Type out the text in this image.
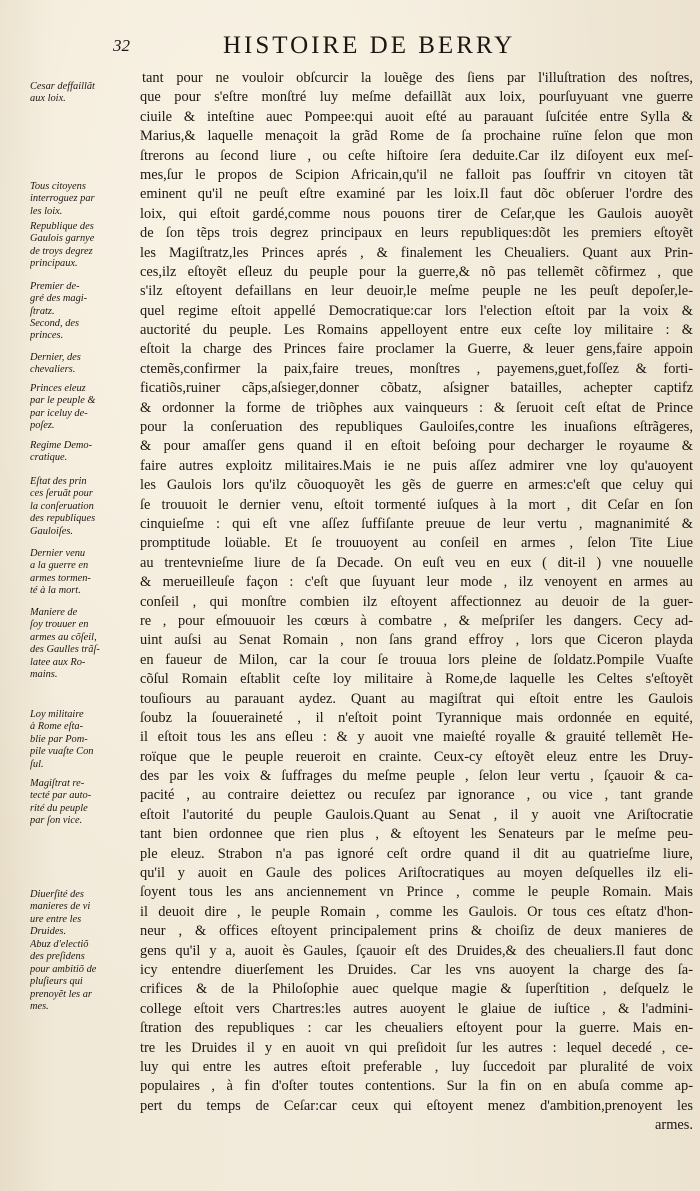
32	HISTOIRE DE BERRY
Cesar deffaillãt
aux loix.
Tous citoyens
interroguez par
les loix.
Republique des
Gaulois garnye
de troys degrez
principaux.
Premier de-
gré des magi-
ſtratz.
Second, des
princes.
Dernier, des
chevaliers.
Princes eleuz
par le peuple &
par iceluy de-
poſez.
Regime Demo-
cratique.
Eſtat des prin
ces ſeruãt pour
la conſeruation
des republiques
Gauloiſes.
Dernier venu
a la guerre en
armes tormen-
té à la mort.
Maniere de
ſoy trouuer en
armes au cõſeil,
des Gaulles trãſ-
latee aux Ro-
mains.
Loy militaire
à Rome eſta-
blie par Pom-
pile vuaſte Con
ſul.
Magiſtrat re-
tecté par auto-
rité du peuple
par ſon vice.
Diuerſité des
manieres de vi
ure entre les
Druides.
Abuz d'electiõ
des preſidens
pour ambitiõ de
pluſieurs qui
prenoyẽt les ar
mes.
tant pour ne vouloir obſcurcir la louẽge des ſiens par l'illuſtration des noſtres,
que pour s'eſtre monſtré luy meſme defaillãt aux loix, pourſuyuant vne guerre
ciuile & inteſtine auec Pompee:qui auoit eſté au parauant ſuſcitée entre Sylla &
Marius,& laquelle menaçoit la grãd Rome de ſa prochaine ruïne ſelon que mon
ſtrerons au ſecond liure , ou ceſte hiſtoire ſera deduite.Car ilz diſoyent eux meſ-
mes,ſur le propos de Scipion Africain,qu'il ne falloit pas ſouffrir vn citoyen tãt
eminent qu'il ne peuſt eſtre examiné par les loix.Il faut dõc obſeruer l'ordre des
loix, qui eſtoit gardé,comme nous pouons tirer de Ceſar,que les Gaulois auoyẽt
de ſon tẽps trois degrez principaux en leurs republiques:dõt les premiers eſtoyẽt
les Magiſtratz,les Princes aprés , & finalement les Cheualiers. Quant aux Prin-
ces,ilz eſtoyẽt eſleuz du peuple pour la guerre,& nõ pas tellemẽt cõfirmez , que
s'ilz eſtoyent defaillans en leur deuoir,le meſme peuple ne les peuſt depoſer,le-
quel regime eſtoit appellé Democratique:car lors l'election eſtoit par la voix &
auctorité du peuple. Les Romains appelloyent entre eux ceſte loy militaire : &
eſtoit la charge des Princes faire proclamer la Guerre, & leuer gens,faire appoin
ctemẽs,confirmer la paix,faire treues, monſtres , payemens,guet,foſſez & forti-
ficatiõs,ruiner cãps,aſsieger,donner cõbatz, aſsigner batailles, achepter captifz
& ordonner la forme de triõphes aux vainqueurs : & ſeruoit ceſt eſtat de Prince
pour la conſeruation des republiques Gauloiſes,contre les inuaſions eſtrãgeres,
& pour amaſſer gens quand il en eſtoit beſoing pour decharger le royaume &
faire autres exploitz militaires.Mais ie ne puis aſſez admirer vne loy qu'auoyent
les Gaulois lors qu'ilz cõuoquoyẽt les gẽs de guerre en armes:c'eſt que celuy qui
ſe trouuoit le dernier venu, eſtoit tormenté iuſques à la mort , dit Ceſar en ſon
cinquieſme : qui eſt vne aſſez ſuffiſante preuue de leur vertu , magnanimité &
promptitude loüable. Et ſe trouuoyent au conſeil en armes , ſelon Tite Liue
au trentevnieſme liure de ſa Decade. On euſt veu en eux ( dit-il ) vne nouuelle
& merueilleuſe façon : c'eſt que ſuyuant leur mode , ilz venoyent en armes au
conſeil , qui monſtre combien ilz eſtoyent affectionnez au deuoir de la guer-
re , pour eſmouuoir les cœurs à combatre , & meſpriſer les dangers. Cecy ad-
uint auſsi au Senat Romain , non ſans grand effroy , lors que Ciceron playda
en faueur de Milon, car la cour ſe trouua lors pleine de ſoldatz.Pompile Vuaſte
cõſul Romain eſtablit ceſte loy militaire à Rome,de laquelle les Celtes s'eſtoyẽt
touſiours au parauant aydez. Quant au magiſtrat qui eſtoit entre les Gaulois
ſoubz la ſouueraineté , il n'eſtoit point Tyrannique mais ordonnée en equité,
il eſtoit tous les ans eſleu : & y auoit vne maieſté royalle & grauité tellemẽt He-
roïque que le peuple reueroit en crainte. Ceux-cy eſtoyẽt eleuz entre les Druy-
des par les voix & ſuffrages du meſme peuple , ſelon leur vertu , ſçauoir & ca-
pacité , au contraire deiettez ou recuſez par ignorance , ou vice , tant grande
eſtoit l'autorité du peuple Gaulois.Quant au Senat , il y auoit vne Ariſtocratie
tant bien ordonnee que rien plus , & eſtoyent les Senateurs par le meſme peu-
ple eleuz. Strabon n'a pas ignoré ceſt ordre quand il dit au quatrieſme liure,
qu'il y auoit en Gaule des polices Ariſtocratiques au moyen deſquelles ilz eli-
ſoyent tous les ans anciennement vn Prince , comme le peuple Romain. Mais
il deuoit dire , le peuple Romain , comme les Gaulois. Or tous ces eſtatz d'hon-
neur , & offices eſtoyent principalement prins & choiſiz de deux manieres de
gens qu'il y a, auoit ès Gaules, ſçauoir eſt des Druides,& des cheualiers.Il faut donc
icy entendre diuerſement les Druides. Car les vns auoyent la charge des ſa-
crifices & de la Philoſophie auec quelque magie & ſuperſtition , deſquelz le
college eſtoit vers Chartres:les autres auoyent le glaiue de iuſtice , & l'admini-
ſtration des republiques : car les cheualiers eſtoyent pour la guerre. Mais en-
tre les Druides il y en auoit vn qui preſidoit ſur les autres : lequel decedé , ce-
luy qui entre les autres eſtoit preferable , luy ſuccedoit par pluralité de voix
populaires , à fin d'oſter toutes contentions. Sur la fin on en abuſa comme ap-
pert du temps de Ceſar:car ceux qui eſtoyent menez d'ambition,prenoyent les
armes.
